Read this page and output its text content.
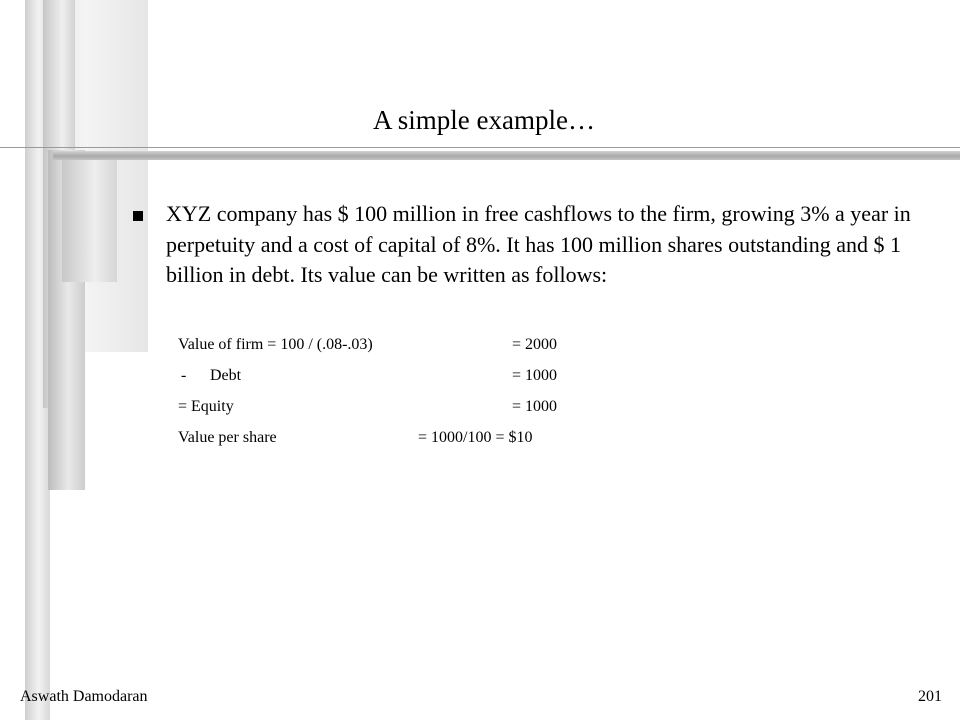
A simple example…
XYZ company has $ 100 million in free cashflows to the firm, growing 3% a year in perpetuity and a cost of capital of 8%. It has 100 million shares outstanding and $ 1 billion in debt. Its value can be written as follows:
Value of firm = 100 / (.08-.03)	= 2000
- Debt	= 1000
= Equity	= 1000
Value per share	= 1000/100 = $10
Aswath Damodaran	201
